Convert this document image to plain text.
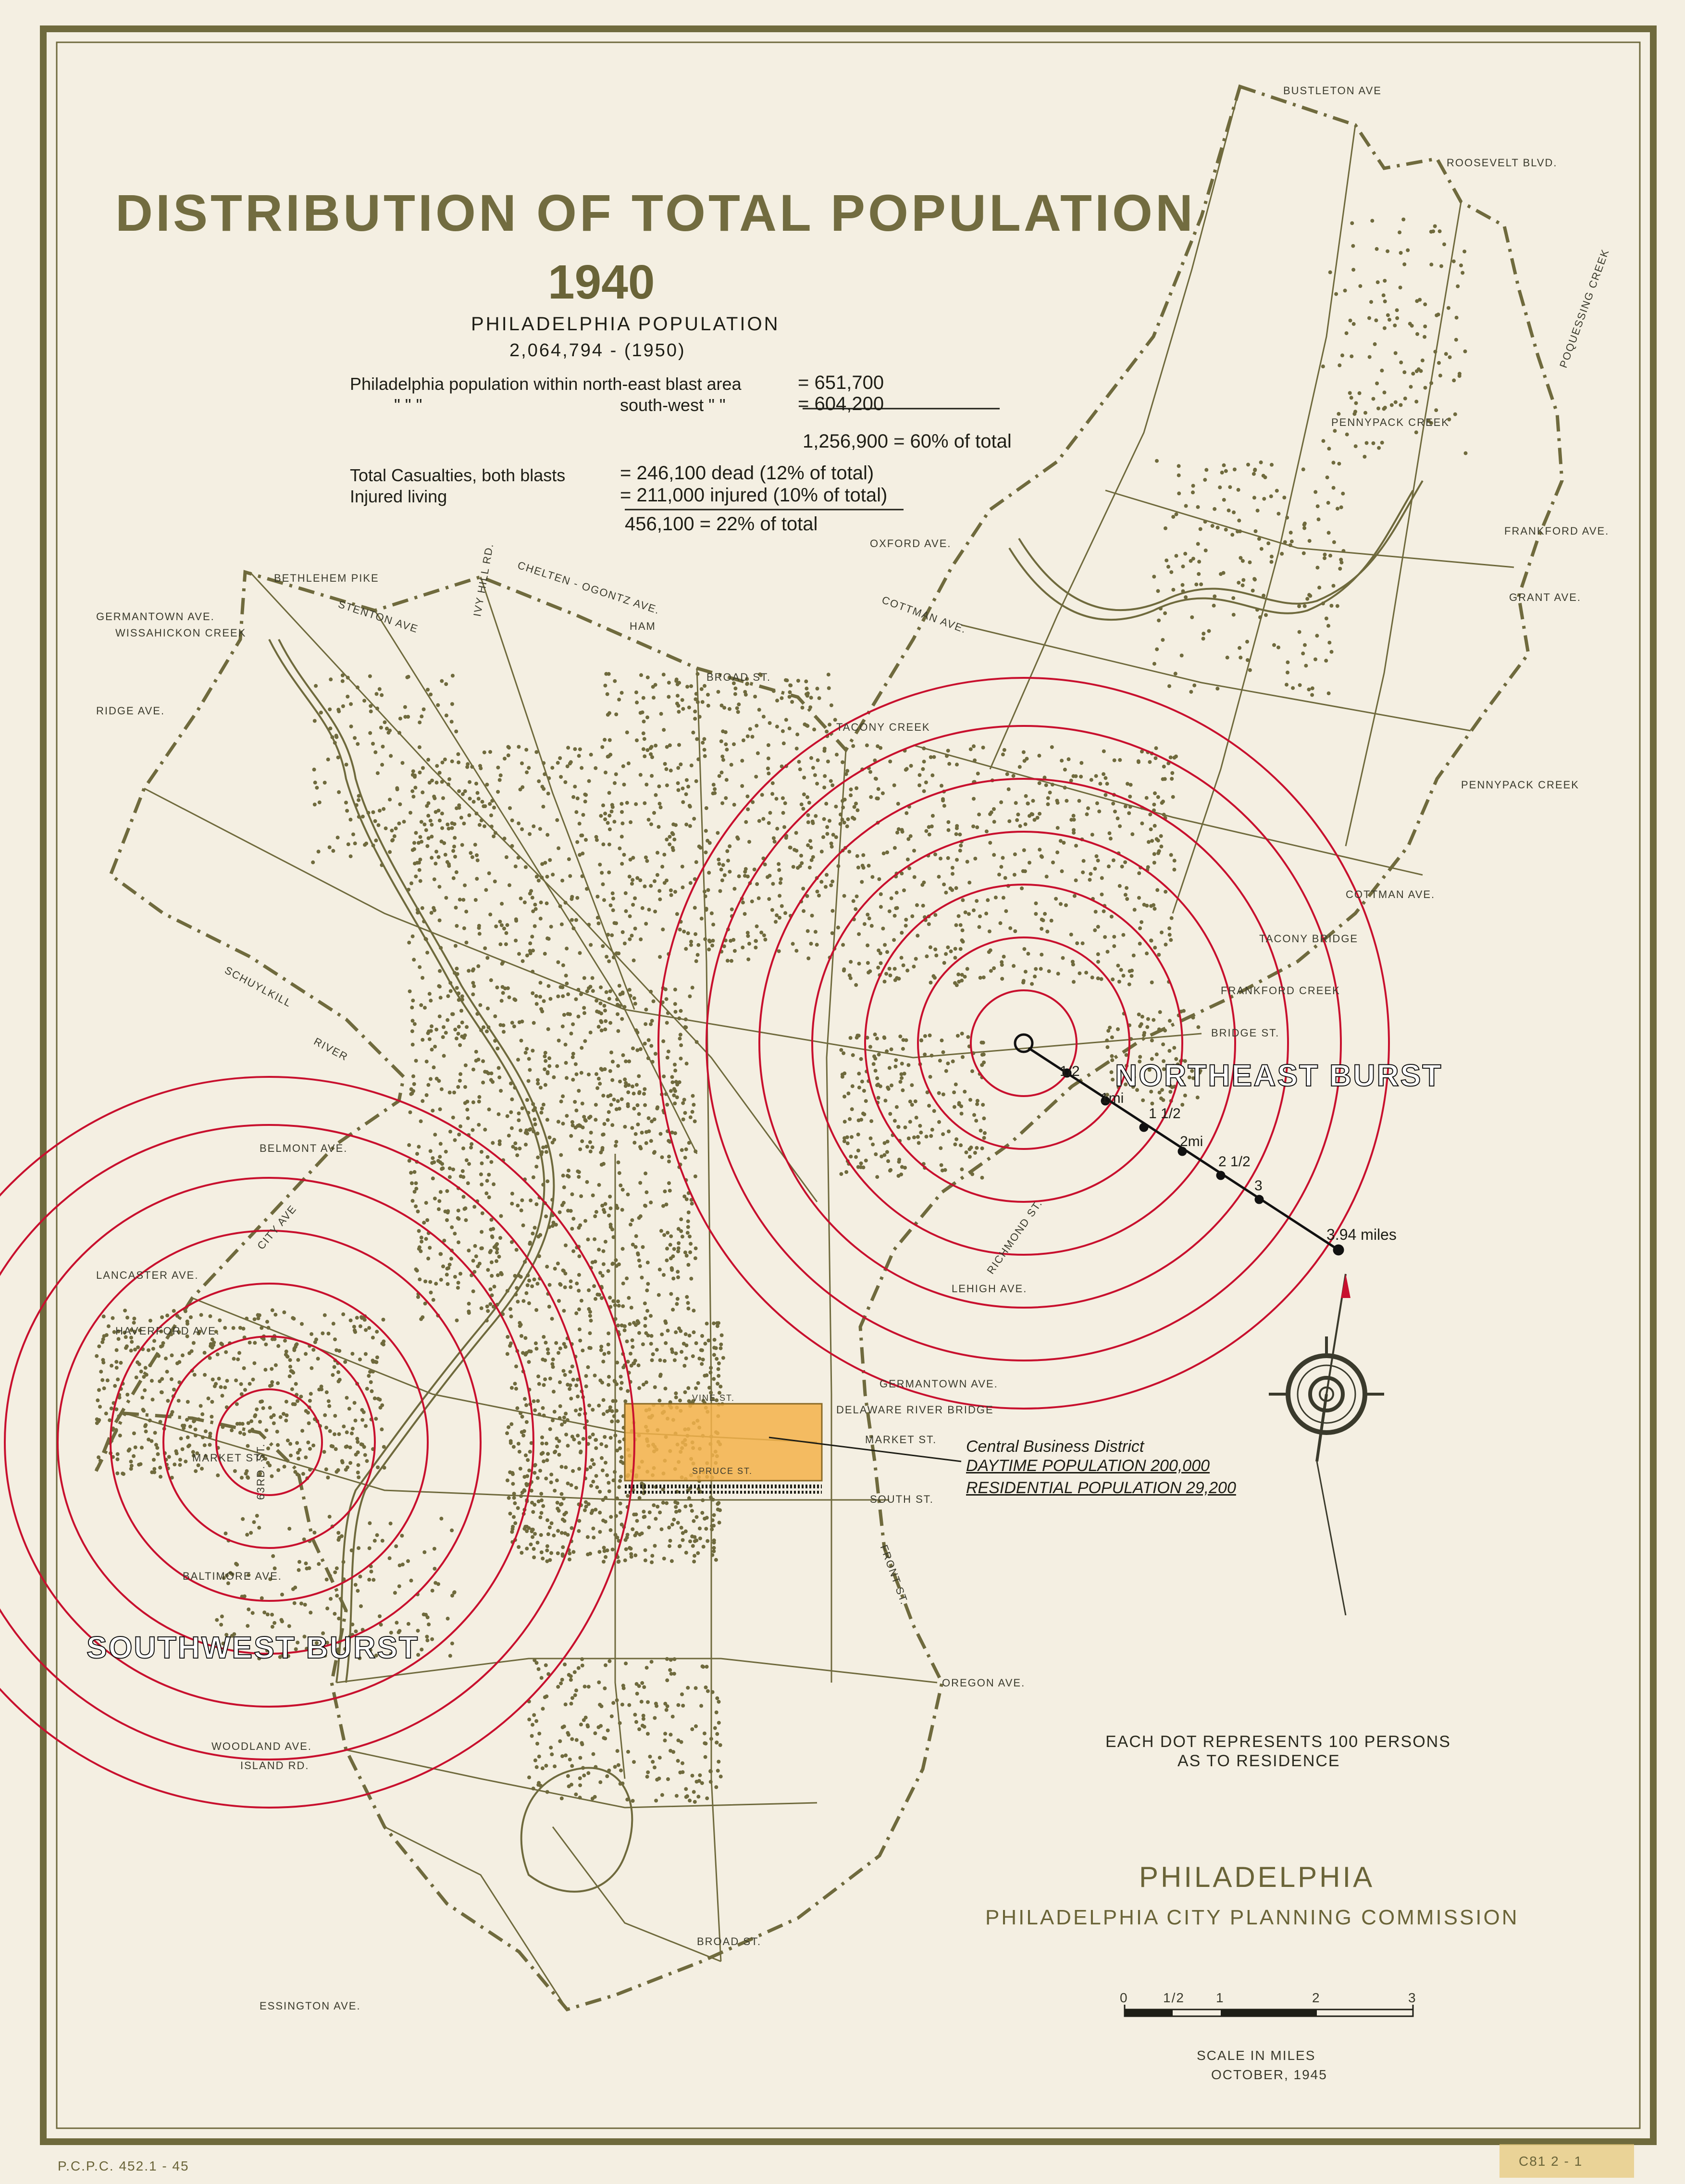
DISTRIBUTION OF TOTAL POPULATION
1940
PHILADELPHIA POPULATION
2,064,794 - (1950)
Philadelphia population within north-east blast area	= 651,700
" " "	south-west " "	= 604,200
1,256,900 = 60% of total
Total Casualties, both blasts	= 246,100 dead (12% of total)
Injured living	= 211,000 injured (10% of total)
456,100 = 22% of total
NORTHEAST BURST
SOUTHWEST BURST
1/2
1mi
1 1/2
2mi
2 1/2
3
3.94 miles
Central Business District
DAYTIME POPULATION 200,000
RESIDENTIAL POPULATION 29,200
BUSTLETON AVE
ROOSEVELT BLVD.
PENNYPACK CREEK
POQUESSING CREEK
OXFORD AVE.
FRANKFORD AVE.
GRANT AVE.
COTTMAN AVE.
BETHLEHEM PIKE
GERMANTOWN AVE.
WISSAHICKON CREEK	STENTON AVE	IVY HILL RD. CHELTEN - OGONTZ AVE.
HAM
BROAD ST.
TACONY CREEK
RIDGE AVE.
PENNYPACK CREEK
COTTMAN AVE.
TACONY BRIDGE
FRANKFORD CREEK
BRIDGE ST.
SCHUYLKILL
RIVER
BELMONT AVE.
CITY AVE
LANCASTER AVE.
HAVERFORD AVE.
RICHMOND ST.
LEHIGH AVE.
GERMANTOWN AVE.
VINE ST.
DELAWARE RIVER BRIDGE
MARKET ST.
MARKET ST.
63RD. ST.	SOUTH ST.
FRONT ST.
BALTIMORE AVE.
OREGON AVE.
WOODLAND AVE.
ISLAND RD.
BROAD ST.
ESSINGTON AVE.
SPRUCE ST.
EACH DOT REPRESENTS 100 PERSONS
AS TO RESIDENCE
PHILADELPHIA
PHILADELPHIA CITY PLANNING COMMISSION
0	1/2 1	2	3
SCALE IN MILES
OCTOBER, 1945
P.C.P.C. 452.1 - 45	C81 2 - 1
